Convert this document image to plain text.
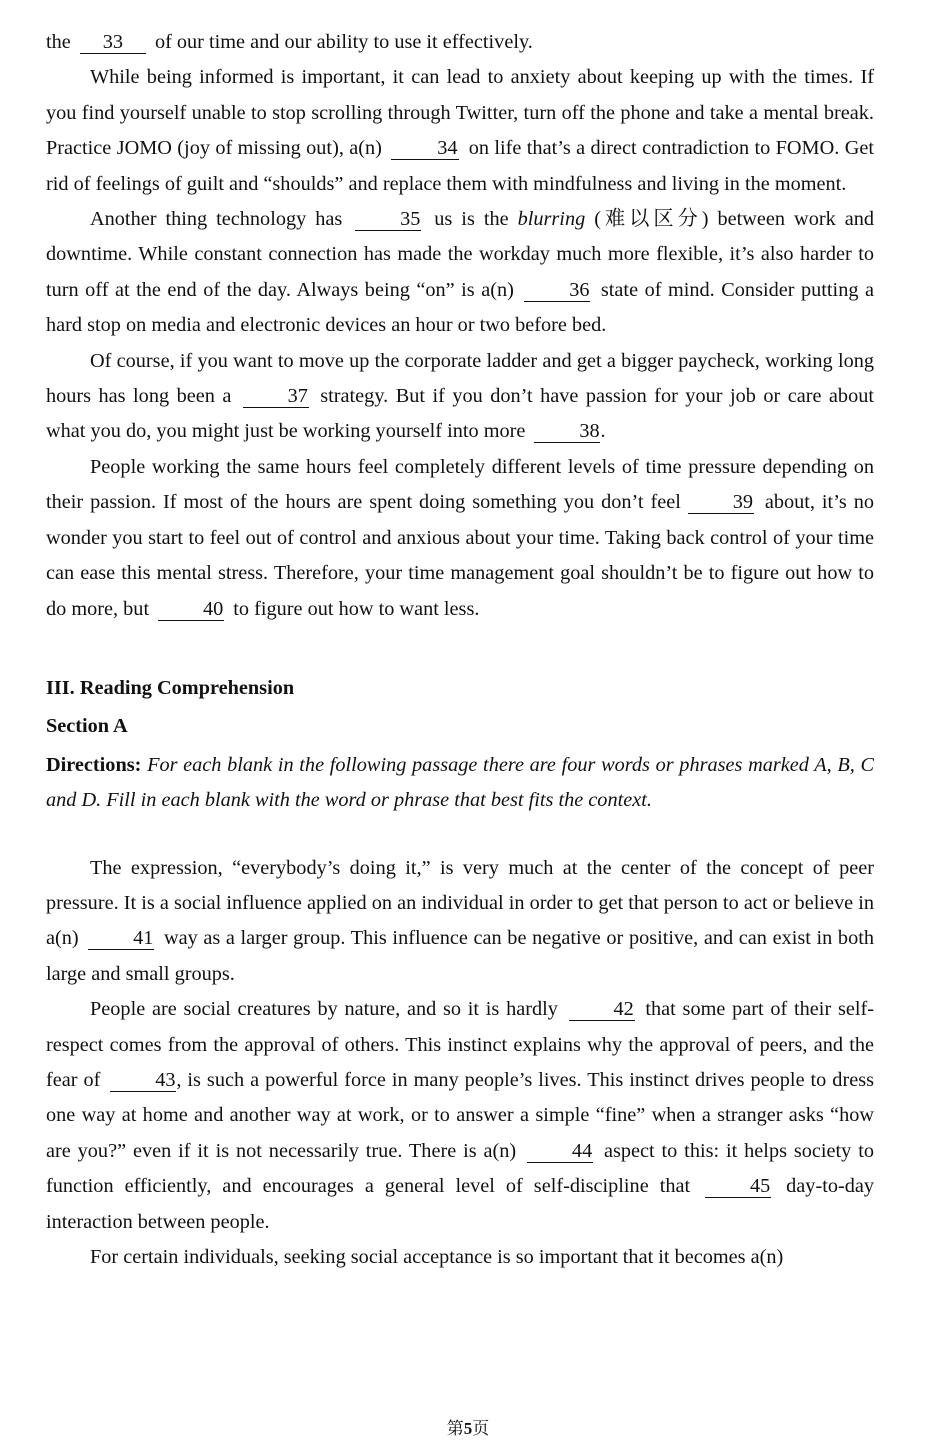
the 33 of our time and our ability to use it effectively.

While being informed is important, it can lead to anxiety about keeping up with the times. If you find yourself unable to stop scrolling through Twitter, turn off the phone and take a mental break. Practice JOMO (joy of missing out), a(n)	34 on life that’s a direct contradiction to FOMO. Get rid of feelings of guilt and “shoulds” and replace them with mindfulness and living in the moment.

Another thing technology has	35 us is the blurring (难以区分) between work and downtime. While constant connection has made the workday much more flexible, it’s also harder to turn off at the end of the day. Always being “on” is a(n)	36 state of mind. Consider putting a hard stop on media and electronic devices an hour or two before bed.

Of course, if you want to move up the corporate ladder and get a bigger paycheck, working long hours has long been a	37 strategy. But if you don’t have passion for your job or care about what you do, you might just be working yourself into more	38.

People working the same hours feel completely different levels of time pressure depending on their passion. If most of the hours are spent doing something you don’t feel	39 about, it’s no wonder you start to feel out of control and anxious about your time. Taking back control of your time can ease this mental stress. Therefore, your time management goal shouldn’t be to figure out how to do more, but	40 to figure out how to want less.

III. Reading Comprehension

Section A

Directions: For each blank in the following passage there are four words or phrases marked A, B, C and D. Fill in each blank with the word or phrase that best fits the context.

The expression, “everybody’s doing it,” is very much at the center of the concept of peer pressure. It is a social influence applied on an individual in order to get that person to act or believe in a(n)	41 way as a larger group. This influence can be negative or positive, and can exist in both large and small groups.

People are social creatures by nature, and so it is hardly	42 that some part of their self-respect comes from the approval of others. This instinct explains why the approval of peers, and the fear of	43, is such a powerful force in many people’s lives. This instinct drives people to dress one way at home and another way at work, or to answer a simple “fine” when a stranger asks “how are you?” even if it is not necessarily true. There is a(n)	44 aspect to this: it helps society to function efficiently, and encourages a general level of self-discipline that	45 day-to-day interaction between people.

For certain individuals, seeking social acceptance is so important that it becomes a(n)

第5页
